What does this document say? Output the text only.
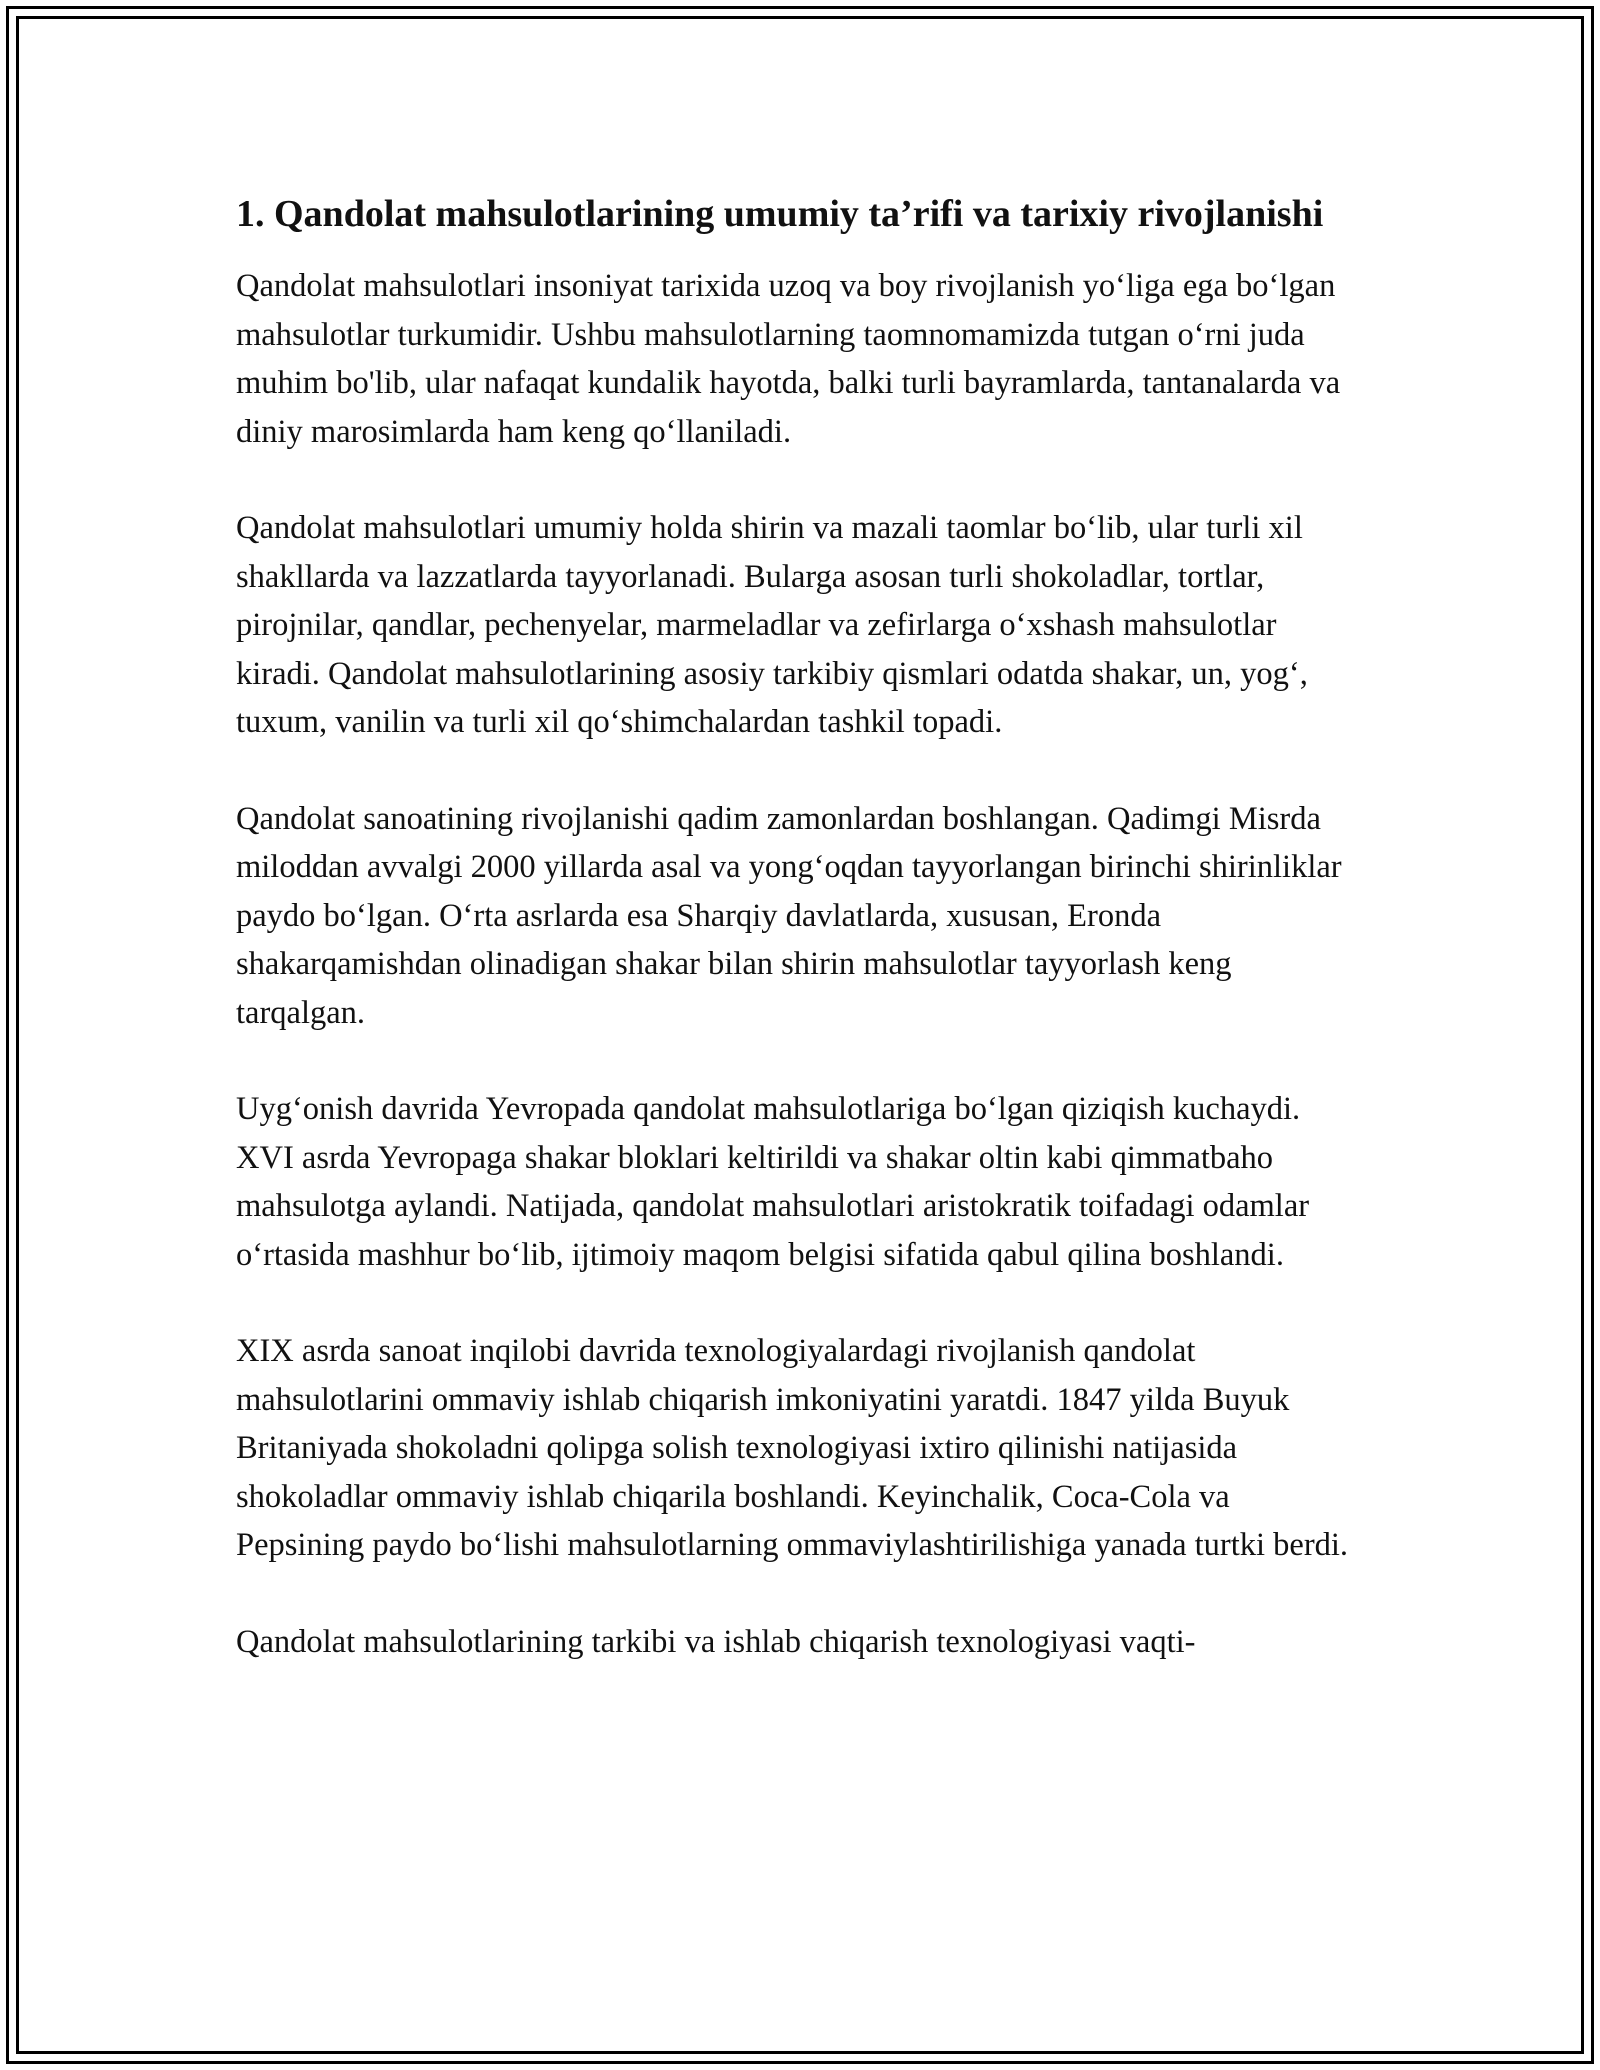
1. Qandolat mahsulotlarining umumiy ta’rifi va tarixiy rivojlanishi

Qandolat mahsulotlari insoniyat tarixida uzoq va boy rivojlanish yo‘liga ega bo‘lgan mahsulotlar turkumidir. Ushbu mahsulotlarning taomnomamizda tutgan o‘rni juda muhim bo'lib, ular nafaqat kundalik hayotda, balki turli bayramlarda, tantanalarda va diniy marosimlarda ham keng qo‘llaniladi.

Qandolat mahsulotlari umumiy holda shirin va mazali taomlar bo‘lib, ular turli xil shakllarda va lazzatlarda tayyorlanadi. Bularga asosan turli shokoladlar, tortlar, pirojnilar, qandlar, pechenyelar, marmeladlar va zefirlarga o‘xshash mahsulotlar kiradi. Qandolat mahsulotlarining asosiy tarkibiy qismlari odatda shakar, un, yog‘, tuxum, vanilin va turli xil qo‘shimchalardan tashkil topadi.

Qandolat sanoatining rivojlanishi qadim zamonlardan boshlangan. Qadimgi Misrda miloddan avvalgi 2000 yillarda asal va yong‘oqdan tayyorlangan birinchi shirinliklar paydo bo‘lgan. O‘rta asrlarda esa Sharqiy davlatlarda, xususan, Eronda shakarqamishdan olinadigan shakar bilan shirin mahsulotlar tayyorlash keng tarqalgan.

Uyg‘onish davrida Yevropada qandolat mahsulotlariga bo‘lgan qiziqish kuchaydi. XVI asrda Yevropaga shakar bloklari keltirildi va shakar oltin kabi qimmatbaho mahsulotga aylandi. Natijada, qandolat mahsulotlari aristokratik toifadagi odamlar o‘rtasida mashhur bo‘lib, ijtimoiy maqom belgisi sifatida qabul qilina boshlandi.

XIX asrda sanoat inqilobi davrida texnologiyalardagi rivojlanish qandolat mahsulotlarini ommaviy ishlab chiqarish imkoniyatini yaratdi. 1847 yilda Buyuk Britaniyada shokoladni qolipga solish texnologiyasi ixtiro qilinishi natijasida shokoladlar ommaviy ishlab chiqarila boshlandi. Keyinchalik, Coca-Cola va Pepsining paydo bo‘lishi mahsulotlarning ommaviylashtirilishiga yanada turtki berdi.

Qandolat mahsulotlarining tarkibi va ishlab chiqarish texnologiyasi vaqti-
